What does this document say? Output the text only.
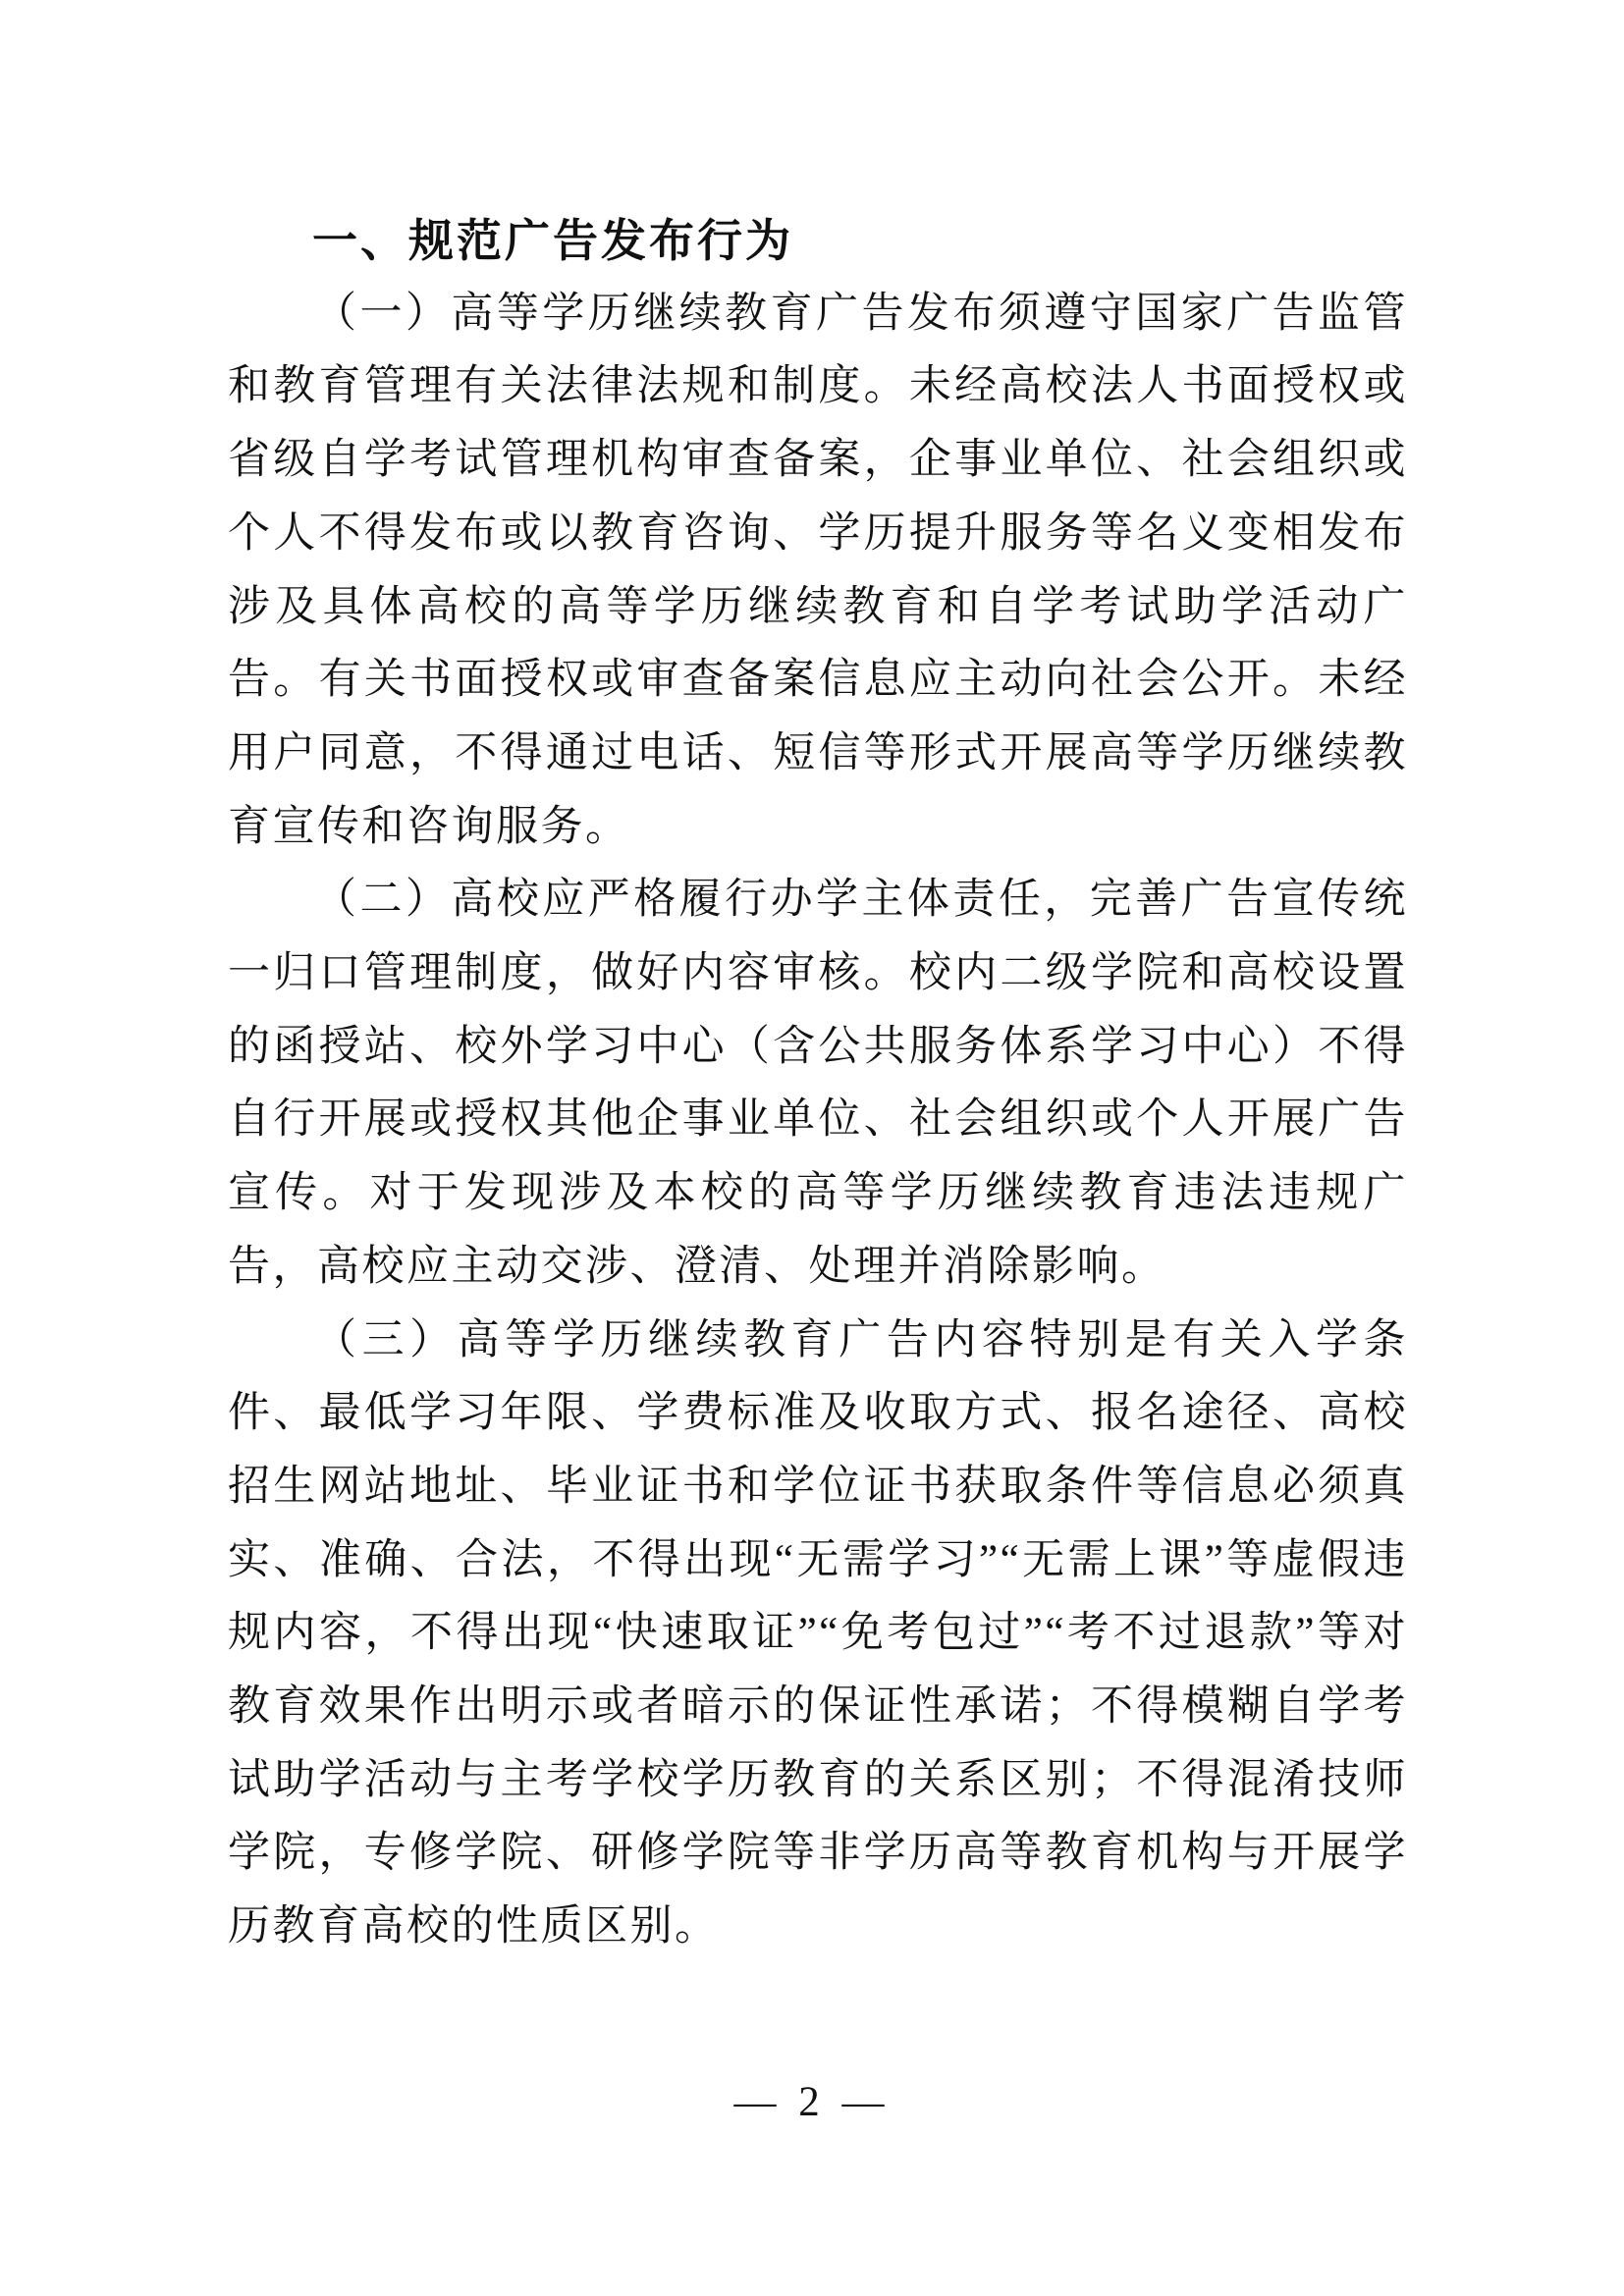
一、规范广告发布行为
（一）高等学历继续教育广告发布须遵守国家广告监管
和教育管理有关法律法规和制度。未经高校法人书面授权或
省级自学考试管理机构审查备案，企事业单位、社会组织或
个人不得发布或以教育咨询、学历提升服务等名义变相发布
涉及具体高校的高等学历继续教育和自学考试助学活动广
告。有关书面授权或审查备案信息应主动向社会公开。未经
用户同意，不得通过电话、短信等形式开展高等学历继续教
育宣传和咨询服务。
（二）高校应严格履行办学主体责任，完善广告宣传统
一归口管理制度，做好内容审核。校内二级学院和高校设置
的函授站、校外学习中心（含公共服务体系学习中心）不得
自行开展或授权其他企事业单位、社会组织或个人开展广告
宣传。对于发现涉及本校的高等学历继续教育违法违规广
告，高校应主动交涉、澄清、处理并消除影响。
（三）高等学历继续教育广告内容特别是有关入学条
件、最低学习年限、学费标准及收取方式、报名途径、高校
招生网站地址、毕业证书和学位证书获取条件等信息必须真
实、准确、合法，不得出现“无需学习”“无需上课”等虚假违
规内容，不得出现“快速取证”“免考包过”“考不过退款”等对
教育效果作出明示或者暗示的保证性承诺；不得模糊自学考
试助学活动与主考学校学历教育的关系区别；不得混淆技师
学院，专修学院、研修学院等非学历高等教育机构与开展学
历教育高校的性质区别。
— 2 —
